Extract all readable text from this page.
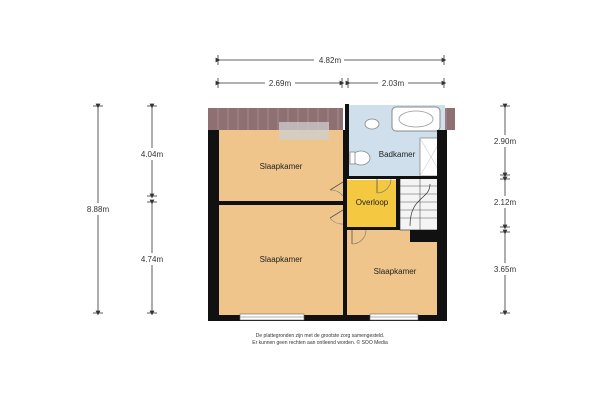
4.82m
2.69m	2.03m
8.88m
4.04m
4.74m
2.90m
2.12m
3.65m
Slaapkamer
Badkamer
Overloop
Slaapkamer
Slaapkamer
De plattegronden zijn met de grootste zorg samengesteld.
Er kunnen geen rechten aan ontleend worden. © SOO Media
